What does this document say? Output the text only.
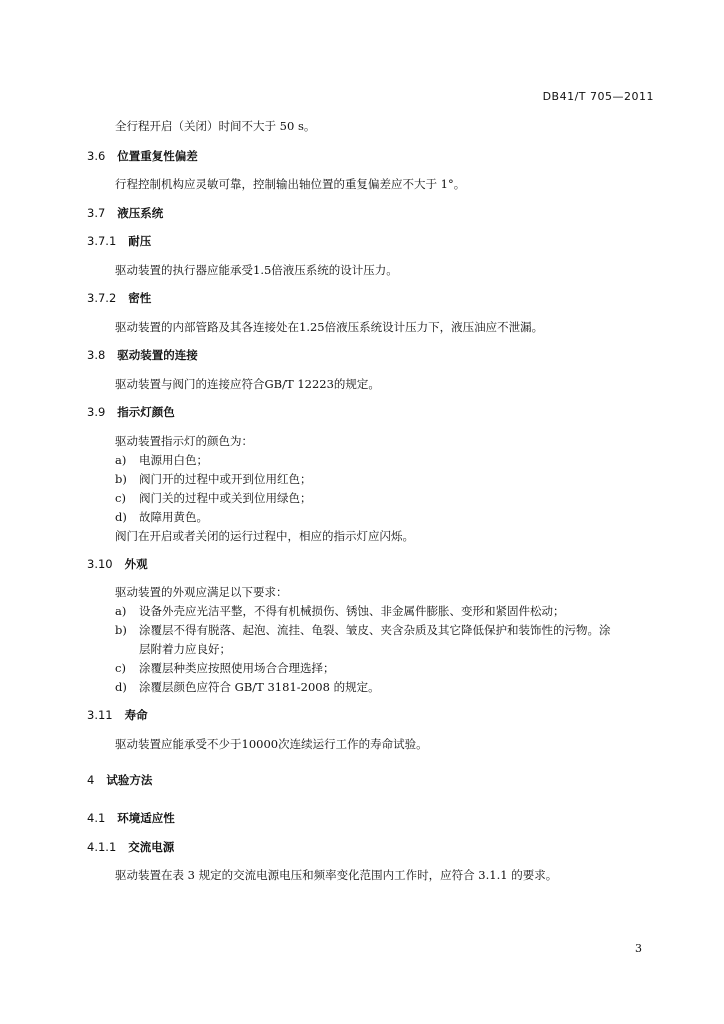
DB41/T 705—2011
全行程开启（关闭）时间不大于 50 s。
3.6 位置重复性偏差
行程控制机构应灵敏可靠，控制输出轴位置的重复偏差应不大于 1°。
3.7 液压系统
3.7.1 耐压
驱动装置的执行器应能承受1.5倍液压系统的设计压力。
3.7.2 密性
驱动装置的内部管路及其各连接处在1.25倍液压系统设计压力下，液压油应不泄漏。
3.8 驱动装置的连接
驱动装置与阀门的连接应符合GB/T 12223的规定。
3.9 指示灯颜色
驱动装置指示灯的颜色为：
a) 电源用白色；
b) 阀门开的过程中或开到位用红色；
c) 阀门关的过程中或关到位用绿色；
d) 故障用黄色。
阀门在开启或者关闭的运行过程中，相应的指示灯应闪烁。
3.10 外观
驱动装置的外观应满足以下要求：
a) 设备外壳应光洁平整，不得有机械损伤、锈蚀、非金属件膨胀、变形和紧固件松动；
b) 涂覆层不得有脱落、起泡、流挂、龟裂、皱皮、夹含杂质及其它降低保护和装饰性的污物。涂
层附着力应良好；
c) 涂覆层种类应按照使用场合合理选择；
d) 涂覆层颜色应符合 GB/T 3181-2008 的规定。
3.11 寿命
驱动装置应能承受不少于10000次连续运行工作的寿命试验。
4 试验方法
4.1 环境适应性
4.1.1 交流电源
驱动装置在表 3 规定的交流电源电压和频率变化范围内工作时，应符合 3.1.1 的要求。
3
